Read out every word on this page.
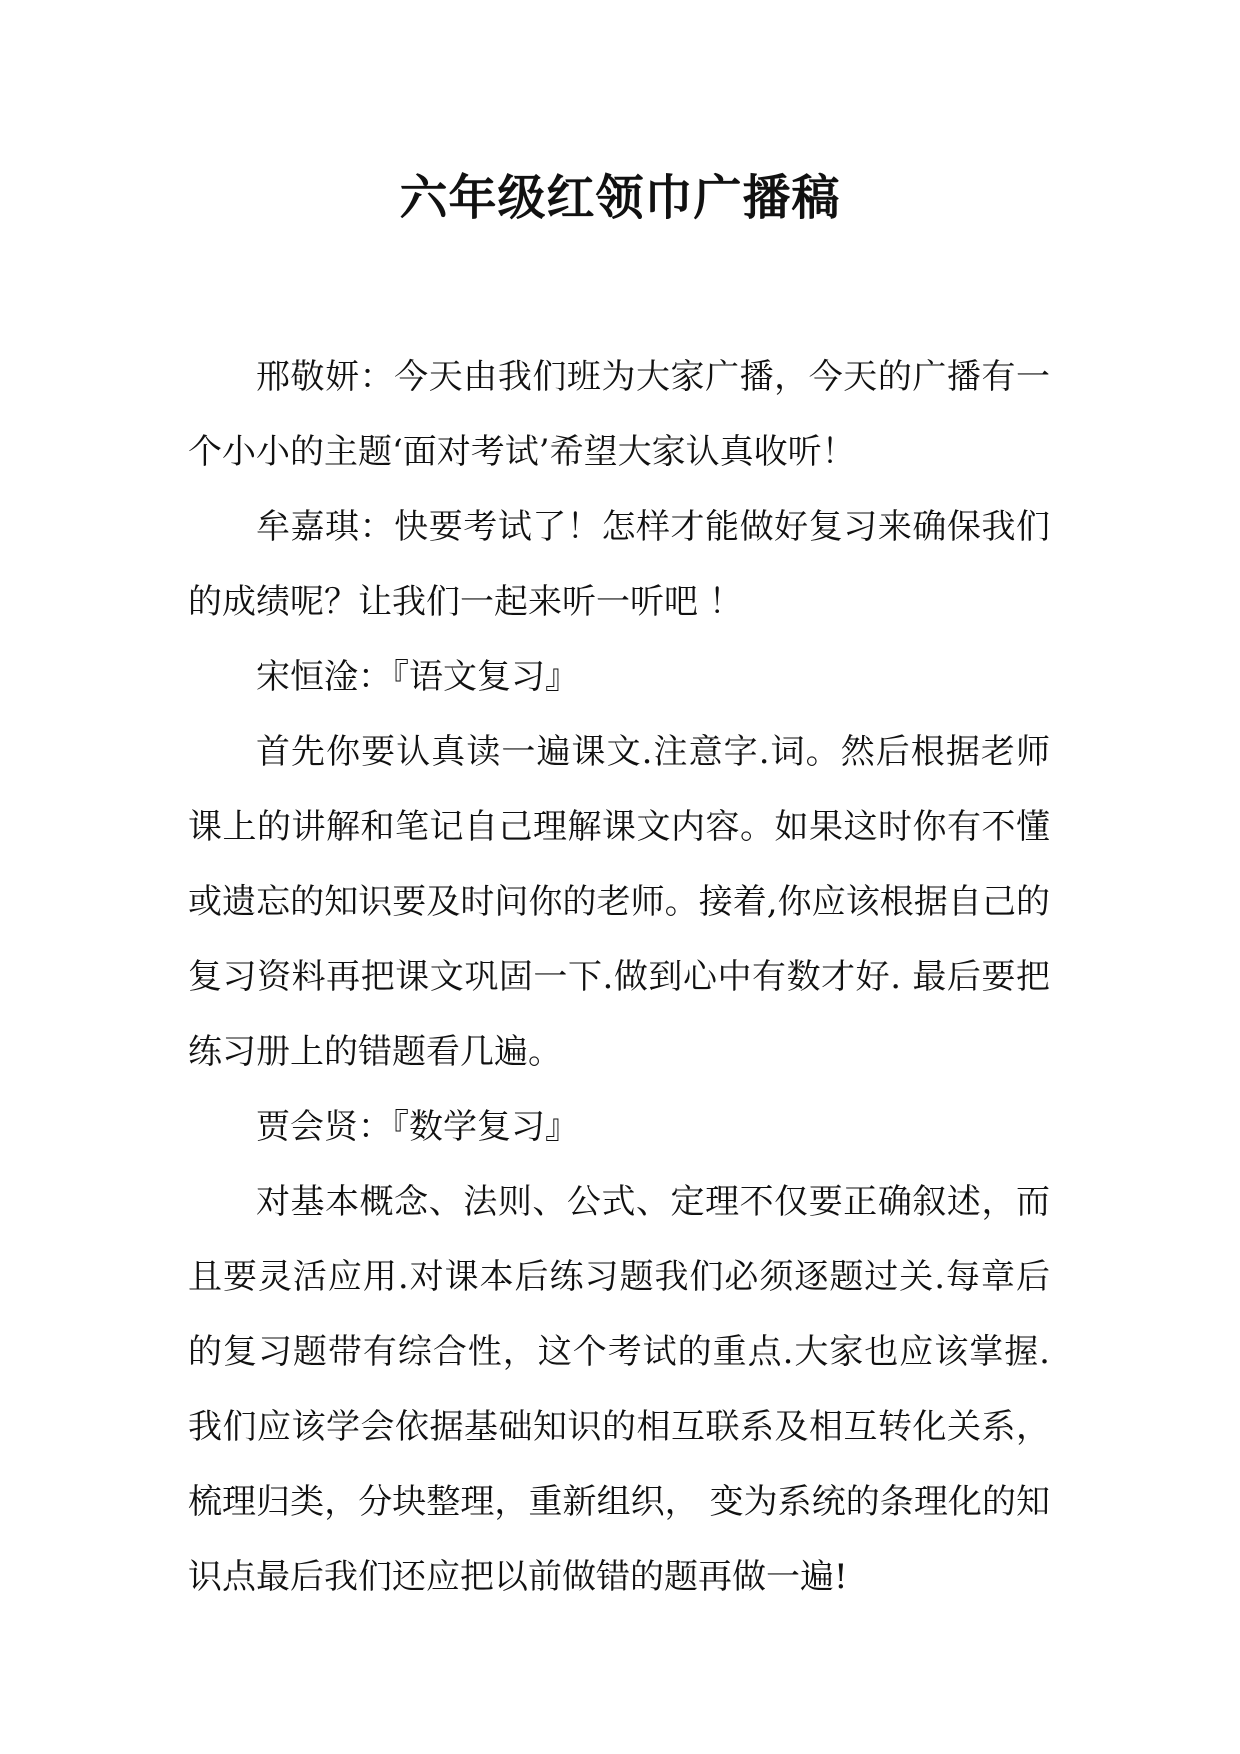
六年级红领巾广播稿

邢敬妍：今天由我们班为大家广播，今天的广播有一个小小的主题‘面对考试’希望大家认真收听！

牟嘉琪：快要考试了！怎样才能做好复习来确保我们的成绩呢？让我们一起来听一听吧 ！

宋恒淦：『语文复习』

首先你要认真读一遍课文.注意字.词。然后根据老师课上的讲解和笔记自己理解课文内容。如果这时你有不懂或遗忘的知识要及时问你的老师。接着,你应该根据自己的复习资料再把课文巩固一下.做到心中有数才好. 最后要把练习册上的错题看几遍。

贾会贤：『数学复习』

对基本概念、法则、公式、定理不仅要正确叙述，而且要灵活应用.对课本后练习题我们必须逐题过关.每章后的复习题带有综合性，这个考试的重点.大家也应该掌握.我们应该学会依据基础知识的相互联系及相互转化关系，梳理归类，分块整理，重新组织， 变为系统的条理化的知识点最后我们还应把以前做错的题再做一遍!
